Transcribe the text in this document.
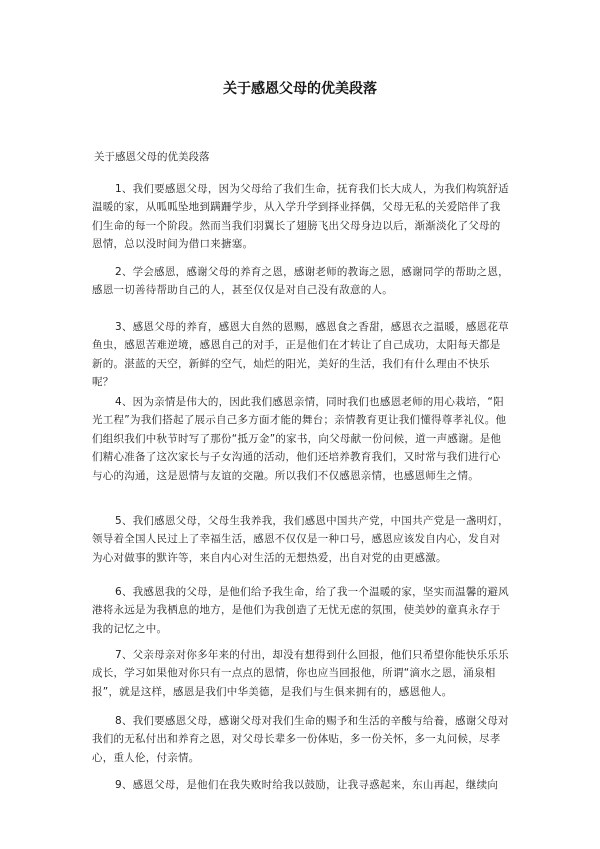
关于感恩父母的优美段落

关于感恩父母的优美段落

1、我们要感恩父母，因为父母给了我们生命，抚育我们长大成人，为我们构筑舒适温暖的家，从呱呱坠地到蹒跚学步，从入学升学到择业择偶，父母无私的关爱陪伴了我们生命的每一个阶段。然而当我们羽翼长了翅膀飞出父母身边以后，渐渐淡化了父母的恩情，总以没时间为借口来搪塞。

2、学会感恩，感谢父母的养育之恩，感谢老师的教诲之恩，感谢同学的帮助之恩，感恩一切善待帮助自己的人，甚至仅仅是对自己没有敌意的人。

3、感恩父母的养育，感恩大自然的恩赐，感恩食之香甜，感恩衣之温暖，感恩花草鱼虫，感恩苦难逆境，感恩自己的对手，正是他们在才转让了自己成功，太阳每天都是新的。湛蓝的天空，新鲜的空气，灿烂的阳光，美好的生活，我们有什么理由不快乐呢？

4、因为亲情是伟大的，因此我们感恩亲情，同时我们也感恩老师的用心栽培，“阳光工程”为我们搭起了展示自己多方面才能的舞台；亲情教育更让我们懂得尊孝礼仪。他们组织我们中秋节时写了那份“抵万金”的家书，向父母献一份问候，道一声感谢。是他们精心准备了这次家长与子女沟通的活动，他们还培养教育我们，又时常与我们进行心与心的沟通，这是恩情与友谊的交融。所以我们不仅感恩亲情，也感恩师生之情。

5、我们感恩父母，父母生我养我，我们感恩中国共产党，中国共产党是一盏明灯，领导着全国人民过上了幸福生活，感恩不仅仅是一种口号，感恩应该发自内心，发自对为心对做事的默许等，来自内心对生活的无想热爱，出自对党的由更感激。

6、我感恩我的父母，是他们给予我生命，给了我一个温暖的家，坚实而温馨的避风港将永远是为我栖息的地方，是他们为我创造了无忧无虑的氛围，使美妙的童真永存于我的记忆之中。

7、父亲母亲对你多年来的付出，却没有想得到什么回报，他们只希望你能快乐乐乐成长，学习如果他对你只有一点点的恩情，你也应当回报他，所谓“滴水之恩，涌泉相报”，就是这样，感恩是我们中华美德，是我们与生俱来拥有的，感恩他人。

8、我们要感恩父母，感谢父母对我们生命的赐予和生活的辛酸与给養，感谢父母对我们的无私付出和养育之恩，对父母长辈多一份体贴，多一份关怀，多一丸问候，尽孝心，重人伦，付亲情。

9、感恩父母，是他们在我失败时给我以鼓励，让我寻惑起来，东山再起，继续向
